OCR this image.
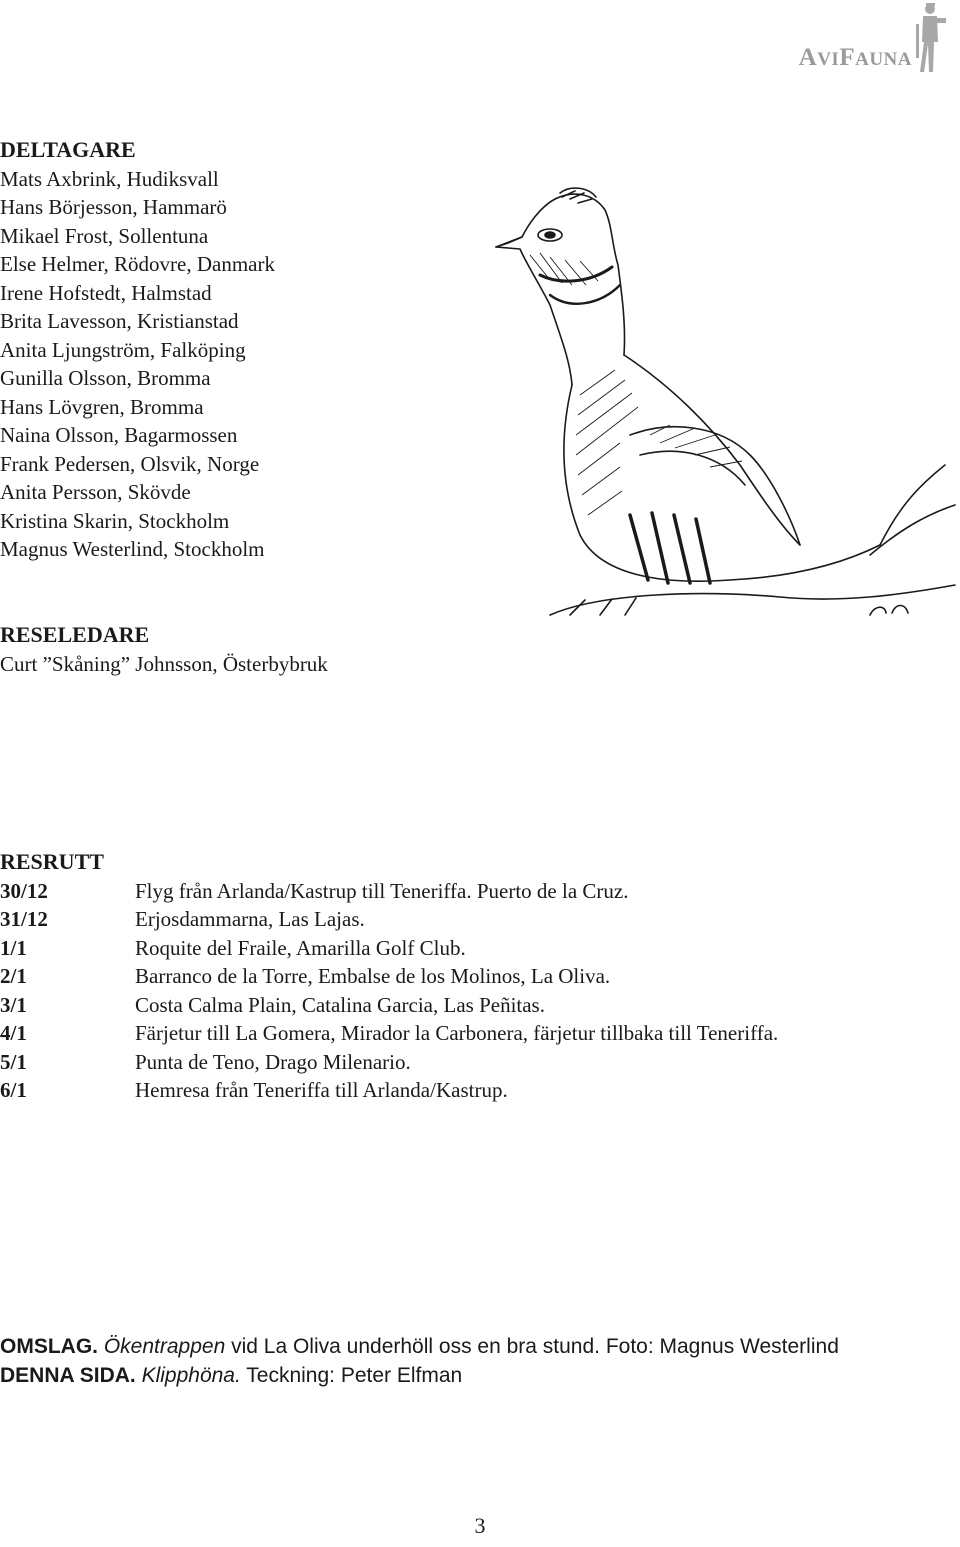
AVIFAUNA
DELTAGARE
Mats Axbrink, Hudiksvall
Hans Börjesson, Hammarö
Mikael Frost, Sollentuna
Else Helmer, Rödovre, Danmark
Irene Hofstedt, Halmstad
Brita Lavesson, Kristianstad
Anita Ljungström, Falköping
Gunilla Olsson, Bromma
Hans Lövgren, Bromma
Naina Olsson, Bagarmossen
Frank Pedersen, Olsvik, Norge
Anita Persson, Skövde
Kristina Skarin, Stockholm
Magnus Westerlind, Stockholm
RESELEDARE
Curt ”Skåning” Johnsson, Österbybruk
RESRUTT
30/12	Flyg från Arlanda/Kastrup till Teneriffa. Puerto de la Cruz.
31/12	Erjosdammarna, Las Lajas.
1/1	Roquite del Fraile, Amarilla Golf Club.
2/1	Barranco de la Torre, Embalse de los Molinos, La Oliva.
3/1	Costa Calma Plain, Catalina Garcia, Las Peñitas.
4/1	Färjetur till La Gomera, Mirador la Carbonera, färjetur tillbaka till Teneriffa.
5/1	Punta de Teno, Drago Milenario.
6/1	Hemresa från Teneriffa till Arlanda/Kastrup.
OMSLAG. Ökentrappen vid La Oliva underhöll oss en bra stund. Foto: Magnus Westerlind
DENNA SIDA. Klipphöna. Teckning: Peter Elfman
3
